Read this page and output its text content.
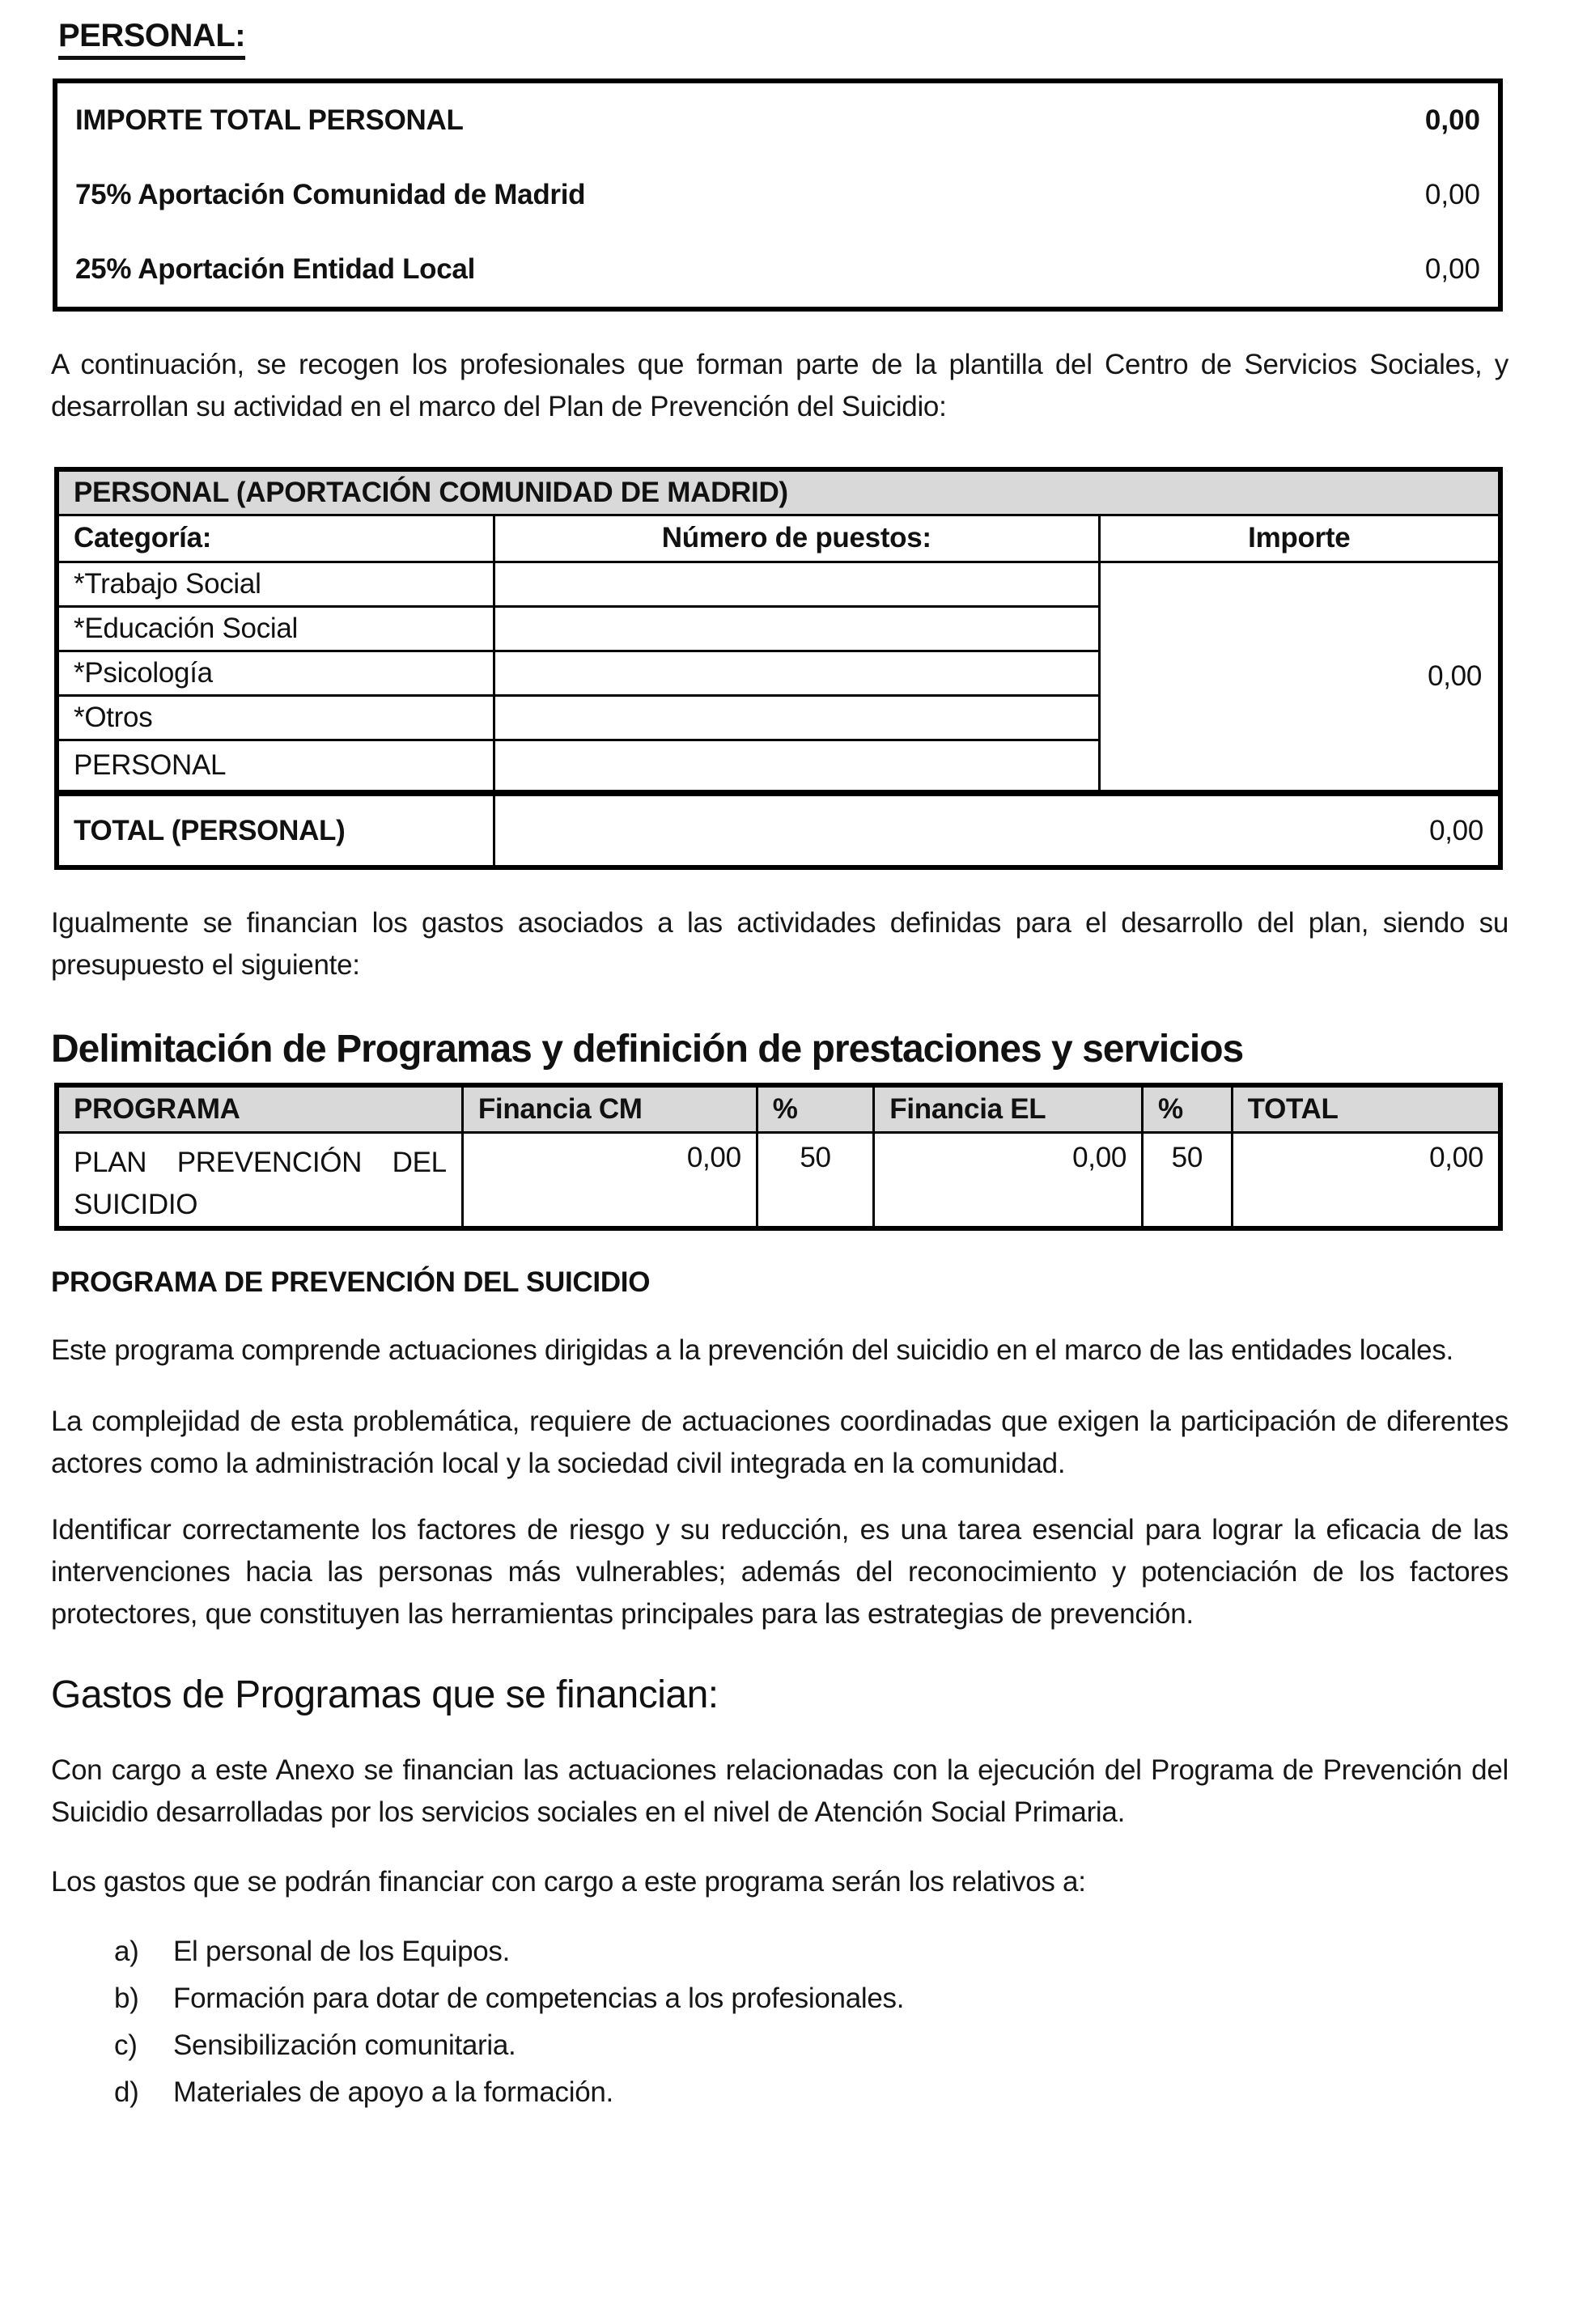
PERSONAL:
IMPORTE TOTAL PERSONAL	0,00
75% Aportación Comunidad de Madrid	0,00
25% Aportación Entidad Local	0,00

A continuación, se recogen los profesionales que forman parte de la plantilla del Centro de Servicios Sociales, y desarrollan su actividad en el marco del Plan de Prevención del Suicidio:

PERSONAL (APORTACIÓN COMUNIDAD DE MADRID)		
Categoría:	Número de puestos:	Importe
*Trabajo Social		0,00
*Educación Social		
*Psicología		
*Otros		
PERSONAL		
TOTAL (PERSONAL)	0,00	

Igualmente se financian los gastos asociados a las actividades definidas para el desarrollo del plan, siendo su presupuesto el siguiente:

Delimitación de Programas y definición de prestaciones y servicios
PROGRAMA	Financia CM	%	Financia EL	%	TOTAL
PLAN PREVENCIÓN DEL SUICIDIO	0,00	50	0,00	50	0,00
PROGRAMA DE PREVENCIÓN DEL SUICIDIO

Este programa comprende actuaciones dirigidas a la prevención del suicidio en el marco de las entidades locales.

La complejidad de esta problemática, requiere de actuaciones coordinadas que exigen la participación de diferentes actores como la administración local y la sociedad civil integrada en la comunidad.

Identificar correctamente los factores de riesgo y su reducción, es una tarea esencial para lograr la eficacia de las intervenciones hacia las personas más vulnerables; además del reconocimiento y potenciación de los factores protectores, que constituyen las herramientas principales para las estrategias de prevención.

Gastos de Programas que se financian:

Con cargo a este Anexo se financian las actuaciones relacionadas con la ejecución del Programa de Prevención del Suicidio desarrolladas por los servicios sociales en el nivel de Atención Social Primaria.

Los gastos que se podrán financiar con cargo a este programa serán los relativos a:

a)	El personal de los Equipos.
b)	Formación para dotar de competencias a los profesionales.
c)	Sensibilización comunitaria.
d)	Materiales de apoyo a la formación.
